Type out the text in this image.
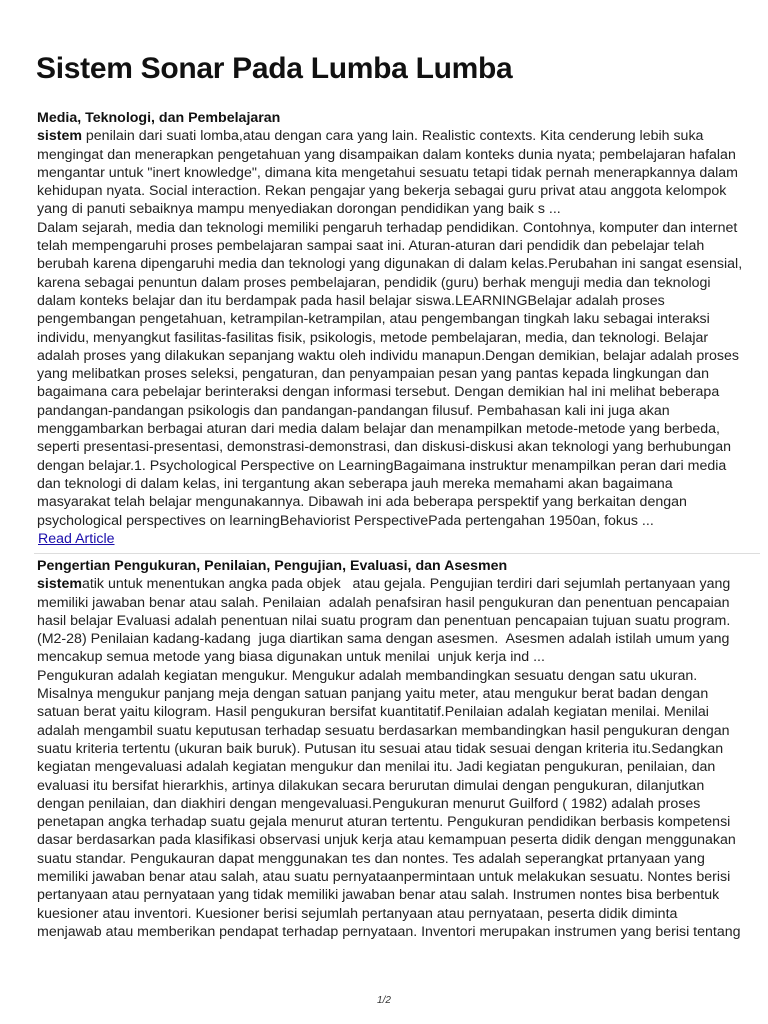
Sistem Sonar Pada Lumba Lumba
Media, Teknologi, dan Pembelajaran
sistem penilain dari suati lomba,atau dengan cara yang lain. Realistic contexts. Kita cenderung lebih suka
mengingat dan menerapkan pengetahuan yang disampaikan dalam konteks dunia nyata; pembelajaran hafalan
mengantar untuk "inert knowledge", dimana kita mengetahui sesuatu tetapi tidak pernah menerapkannya dalam
kehidupan nyata. Social interaction. Rekan pengajar yang bekerja sebagai guru privat atau anggota kelompok
yang di panuti sebaiknya mampu menyediakan dorongan pendidikan yang baik s ...
Dalam sejarah, media dan teknologi memiliki pengaruh terhadap pendidikan. Contohnya, komputer dan internet
telah mempengaruhi proses pembelajaran sampai saat ini. Aturan-aturan dari pendidik dan pebelajar telah
berubah karena dipengaruhi media dan teknologi yang digunakan di dalam kelas.Perubahan ini sangat esensial,
karena sebagai penuntun dalam proses pembelajaran, pendidik (guru) berhak menguji media dan teknologi
dalam konteks belajar dan itu berdampak pada hasil belajar siswa.LEARNINGBelajar adalah proses
pengembangan pengetahuan, ketrampilan-ketrampilan, atau pengembangan tingkah laku sebagai interaksi
individu, menyangkut fasilitas-fasilitas fisik, psikologis, metode pembelajaran, media, dan teknologi. Belajar
adalah proses yang dilakukan sepanjang waktu oleh individu manapun.Dengan demikian, belajar adalah proses
yang melibatkan proses seleksi, pengaturan, dan penyampaian pesan yang pantas kepada lingkungan dan
bagaimana cara pebelajar berinteraksi dengan informasi tersebut. Dengan demikian hal ini melihat beberapa
pandangan-pandangan psikologis dan pandangan-pandangan filusuf. Pembahasan kali ini juga akan
menggambarkan berbagai aturan dari media dalam belajar dan menampilkan metode-metode yang berbeda,
seperti presentasi-presentasi, demonstrasi-demonstrasi, dan diskusi-diskusi akan teknologi yang berhubungan
dengan belajar.1. Psychological Perspective on LearningBagaimana instruktur menampilkan peran dari media
dan teknologi di dalam kelas, ini tergantung akan seberapa jauh mereka memahami akan bagaimana
masyarakat telah belajar mengunakannya. Dibawah ini ada beberapa perspektif yang berkaitan dengan
psychological perspectives on learningBehaviorist PerspectivePada pertengahan 1950an, fokus ...
Read Article
Pengertian Pengukuran, Penilaian, Pengujian, Evaluasi, dan Asesmen
sistematik untuk menentukan angka pada objek   atau gejala. Pengujian terdiri dari sejumlah pertanyaan yang
memiliki jawaban benar atau salah. Penilaian  adalah penafsiran hasil pengukuran dan penentuan pencapaian
hasil belajar Evaluasi adalah penentuan nilai suatu program dan penentuan pencapaian tujuan suatu program.
(M2-28) Penilaian kadang-kadang  juga diartikan sama dengan asesmen.  Asesmen adalah istilah umum yang
mencakup semua metode yang biasa digunakan untuk menilai  unjuk kerja ind ...
Pengukuran adalah kegiatan mengukur. Mengukur adalah membandingkan sesuatu dengan satu ukuran.
Misalnya mengukur panjang meja dengan satuan panjang yaitu meter, atau mengukur berat badan dengan
satuan berat yaitu kilogram. Hasil pengukuran bersifat kuantitatif.Penilaian adalah kegiatan menilai. Menilai
adalah mengambil suatu keputusan terhadap sesuatu berdasarkan membandingkan hasil pengukuran dengan
suatu kriteria tertentu (ukuran baik buruk). Putusan itu sesuai atau tidak sesuai dengan kriteria itu.Sedangkan
kegiatan mengevaluasi adalah kegiatan mengukur dan menilai itu. Jadi kegiatan pengukuran, penilaian, dan
evaluasi itu bersifat hierarkhis, artinya dilakukan secara berurutan dimulai dengan pengukuran, dilanjutkan
dengan penilaian, dan diakhiri dengan mengevaluasi.Pengukuran menurut Guilford ( 1982) adalah proses
penetapan angka terhadap suatu gejala menurut aturan tertentu. Pengukuran pendidikan berbasis kompetensi
dasar berdasarkan pada klasifikasi observasi unjuk kerja atau kemampuan peserta didik dengan menggunakan
suatu standar. Pengukauran dapat menggunakan tes dan nontes. Tes adalah seperangkat prtanyaan yang
memiliki jawaban benar atau salah, atau suatu pernyataanpermintaan untuk melakukan sesuatu. Nontes berisi
pertanyaan atau pernyataan yang tidak memiliki jawaban benar atau salah. Instrumen nontes bisa berbentuk
kuesioner atau inventori. Kuesioner berisi sejumlah pertanyaan atau pernyataan, peserta didik diminta
menjawab atau memberikan pendapat terhadap pernyataan. Inventori merupakan instrumen yang berisi tentang
1/2
